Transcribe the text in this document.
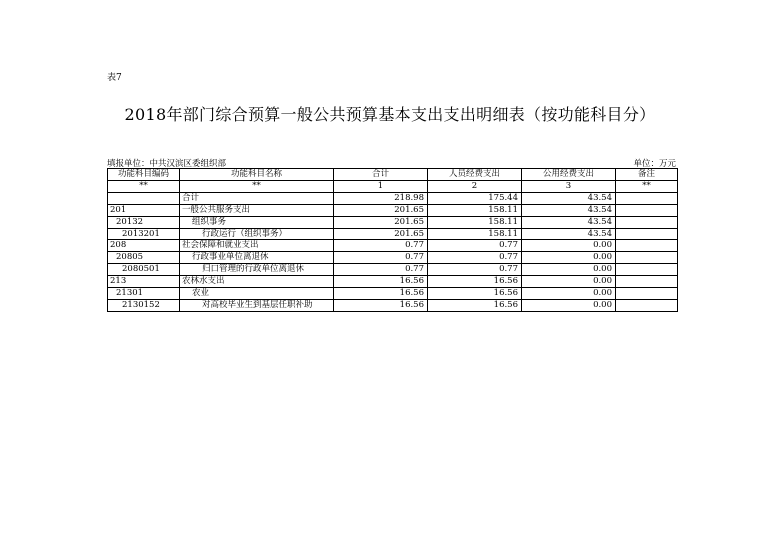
表7
2018年部门综合预算一般公共预算基本支出支出明细表（按功能科目分）
填报单位：中共汉滨区委组织部	单位：万元
功能科目编码	功能科目名称	合计	人员经费支出	公用经费支出	备注
**	**	1	2	3	**
	合计	218.98	175.44	43.54	
201	一般公共服务支出	201.65	158.11	43.54	
20132	组织事务	201.65	158.11	43.54	
2013201	行政运行（组织事务）	201.65	158.11	43.54	
208	社会保障和就业支出	0.77	0.77	0.00	
20805	行政事业单位离退休	0.77	0.77	0.00	
2080501	归口管理的行政单位离退休	0.77	0.77	0.00	
213	农林水支出	16.56	16.56	0.00	
21301	农业	16.56	16.56	0.00	
2130152	对高校毕业生到基层任职补助	16.56	16.56	0.00	
